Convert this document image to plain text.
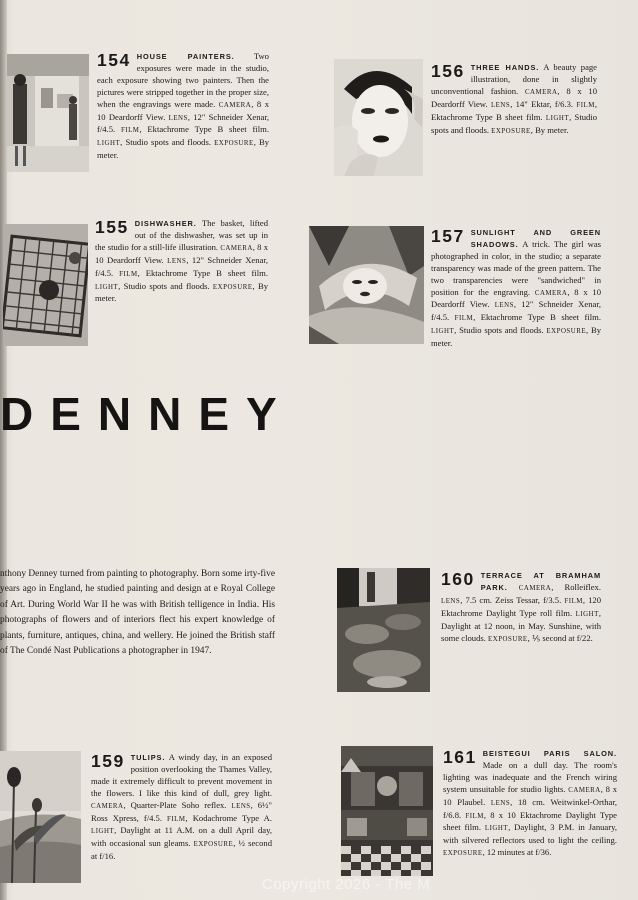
154 HOUSE PAINTERS. Two exposures were made in the studio, each exposure showing two painters. Then the pictures were stripped together in the proper size, when the engravings were made. CAMERA, 8 x 10 Deardorff View. LENS, 12" Schneider Xenar, f/4.5. FILM, Ektachrome Type B sheet film. LIGHT, Studio spots and floods. EXPOSURE, By meter.
156 THREE HANDS. A beauty page illustration, done in slightly unconventional fashion. CAMERA, 8 x 10 Deardorff View. LENS, 14" Ektar, f/6.3. FILM, Ektachrome Type B sheet film. LIGHT, Studio spots and floods. EXPOSURE, By meter.
155 DISHWASHER. The basket, lifted out of the dishwasher, was set up in the studio for a still-life illustration. CAMERA, 8 x 10 Deardorff View. LENS, 12" Schneider Xenar, f/4.5. FILM, Ektachrome Type B sheet film. LIGHT, Studio spots and floods. EXPOSURE, By meter.
157 SUNLIGHT AND GREEN SHADOWS. A trick. The girl was photographed in color, in the studio; a separate transparency was made of the green pattern. The two transparencies were "sandwiched" in position for the engraving. CAMERA, 8 x 10 Deardorff View. LENS, 12" Schneider Xenar, f/4.5. FILM, Ektachrome Type B sheet film. LIGHT, Studio spots and floods. EXPOSURE, By meter.
DENNEY

nthony Denney turned from painting to photography. Born some irty-five years ago in England, he studied painting and design at e Royal College of Art. During World War II he was with British telligence in India. His photographs of flowers and of interiors flect his expert knowledge of plants, furniture, antiques, china, and wellery. He joined the British staff of The Condé Nast Publications a photographer in 1947.

160 TERRACE AT BRAMHAM PARK. CAMERA, Rolleiflex. LENS, 7.5 cm. Zeiss Tessar, f/3.5. FILM, 120 Ektachrome Daylight Type roll film. LIGHT, Daylight at 12 noon, in May. Sunshine, with some clouds. EXPOSURE, ⅕ second at f/22.
159 TULIPS. A windy day, in an exposed position overlooking the Thames Valley, made it extremely difficult to prevent movement in the flowers. I like this kind of dull, grey light. CAMERA, Quarter-Plate Soho reflex. LENS, 6½" Ross Xpress, f/4.5. FILM, Kodachrome Type A. LIGHT, Daylight at 11 A.M. on a dull April day, with occasional sun gleams. EXPOSURE, ½ second at f/16.
161 BEISTEGUI PARIS SALON. Made on a dull day. The room's lighting was inadequate and the French wiring system unsuitable for studio lights. CAMERA, 8 x 10 Plaubel. LENS, 18 cm. Weitwinkel-Orthar, f/6.8. FILM, 8 x 10 Ektachrome Daylight Type sheet film. LIGHT, Daylight, 3 P.M. in January, with silvered reflectors used to light the ceiling. EXPOSURE, 12 minutes at f/36.

Copyright 2026 - The M
